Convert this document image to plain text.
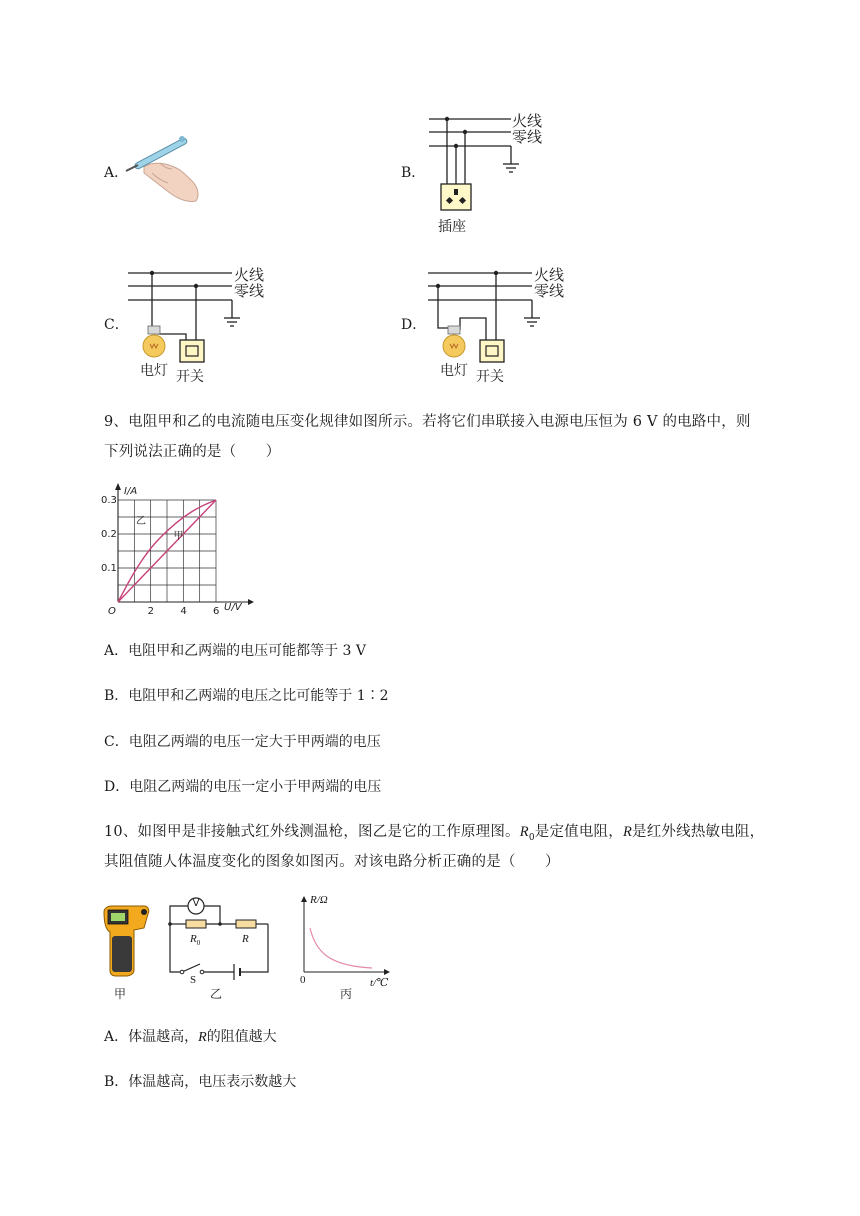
A．	B．
火线
零线
插座
C．
火线
零线
电灯 开关
D．
火线
零线
电灯 开关
9、电阻甲和乙的电流随电压变化规律如图所示。若将它们串联接入电源电压恒为 6 V 的电路中，则
下列说法正确的是（　　）
2	4	6
0.1
0.2
0.3
O	U/V
I/A
乙
甲
A．电阻甲和乙两端的电压可能都等于 3 V
B．电阻甲和乙两端的电压之比可能等于 1∶2
C．电阻乙两端的电压一定大于甲两端的电压
D．电阻乙两端的电压一定小于甲两端的电压
10、如图甲是非接触式红外线测温枪，图乙是它的工作原理图。$R_0$是定值电阻，R是红外线热敏电阻，
其阻值随人体温度变化的图象如图丙。对该电路分析正确的是（　　）
甲
V
$R_0$	R
S
乙
R/Ω
0	t/℃
丙
A．体温越高，R的阻值越大
B．体温越高，电压表示数越大
